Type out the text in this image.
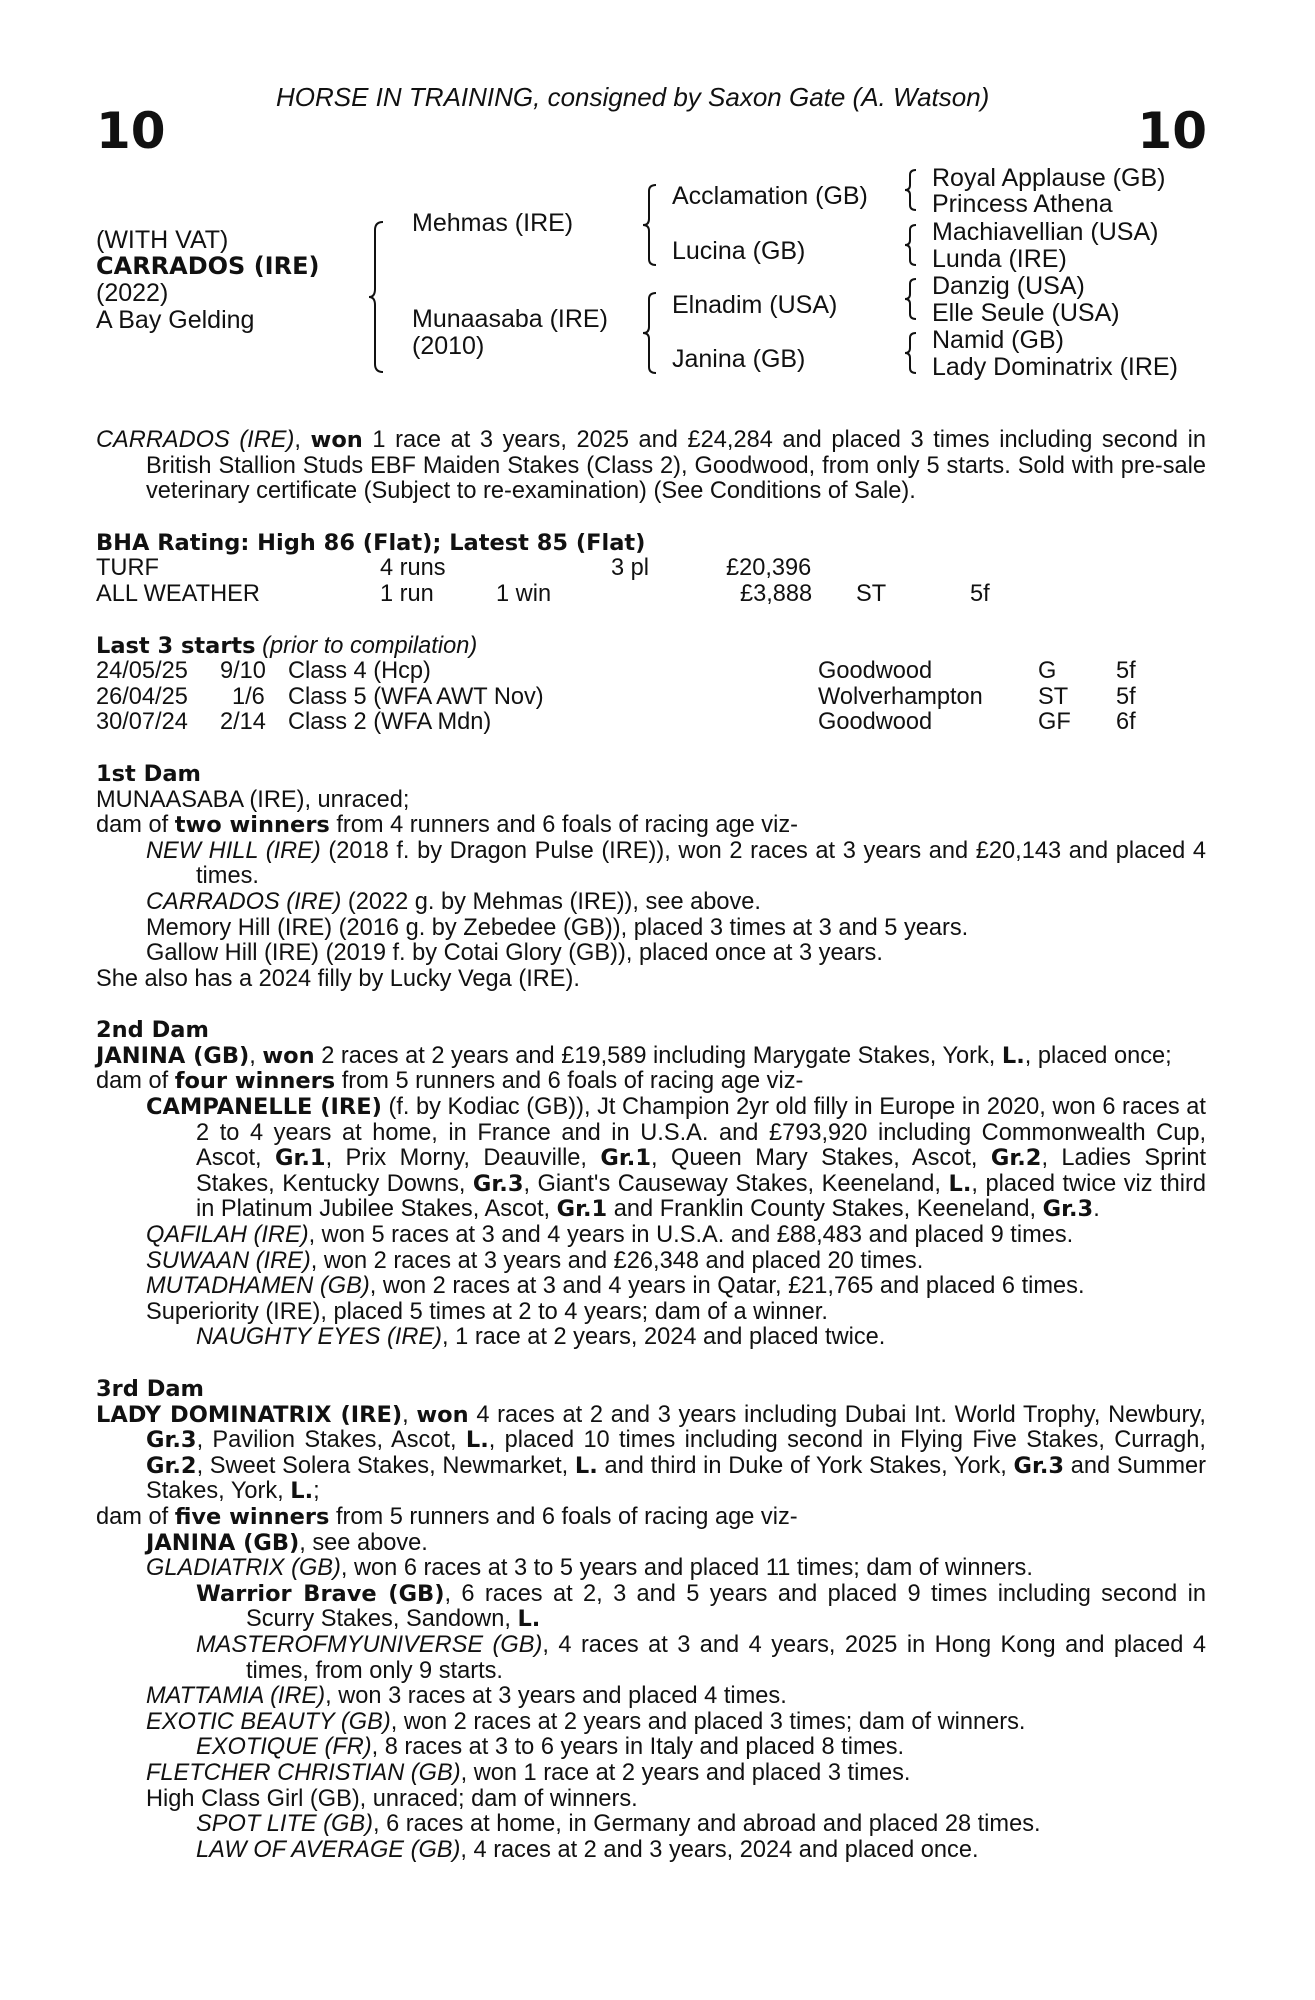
HORSE IN TRAINING, consigned by Saxon Gate (A. Watson)
10	10
(WITH VAT)
CARRADOS (IRE)
(2022)
A Bay Gelding
Mehmas (IRE)
Munaasaba (IRE)
(2010)
Acclamation (GB)
Lucina (GB)
Elnadim (USA)
Janina (GB)
Royal Applause (GB)
Princess Athena
Machiavellian (USA)
Lunda (IRE)
Danzig (USA)
Elle Seule (USA)
Namid (GB)
Lady Dominatrix (IRE)

CARRADOS (IRE), won 1 race at 3 years, 2025 and £24,284 and placed 3 times including second in British Stallion Studs EBF Maiden Stakes (Class 2), Goodwood, from only 5 starts. Sold with pre-sale veterinary certificate (Subject to re-examination) (See Conditions of Sale).

BHA Rating: High 86 (Flat); Latest 85 (Flat)
TURF	4 runs	3 pl	£20,396
ALL WEATHER	1 run	1 win	£3,888 ST	5f
Last 3 starts (prior to compilation)
24/05/25 9/10 Class 4 (Hcp)	Goodwood	G	5f
26/04/25 1/6 Class 5 (WFA AWT Nov)	Wolverhampton ST 5f
30/07/24 2/14 Class 2 (WFA Mdn)	Goodwood	GF 6f
1st Dam

MUNAASABA (IRE), unraced;

dam of two winners from 4 runners and 6 foals of racing age viz-

NEW HILL (IRE) (2018 f. by Dragon Pulse (IRE)), won 2 races at 3 years and £20,143 and placed 4 times.

CARRADOS (IRE) (2022 g. by Mehmas (IRE)), see above.

Memory Hill (IRE) (2016 g. by Zebedee (GB)), placed 3 times at 3 and 5 years.

Gallow Hill (IRE) (2019 f. by Cotai Glory (GB)), placed once at 3 years.

She also has a 2024 filly by Lucky Vega (IRE).

2nd Dam

JANINA (GB), won 2 races at 2 years and £19,589 including Marygate Stakes, York, L., placed once;

dam of four winners from 5 runners and 6 foals of racing age viz-

CAMPANELLE (IRE) (f. by Kodiac (GB)), Jt Champion 2yr old filly in Europe in 2020, won 6 races at 2 to 4 years at home, in France and in U.S.A. and £793,920 including Commonwealth Cup, Ascot, Gr.1, Prix Morny, Deauville, Gr.1, Queen Mary Stakes, Ascot, Gr.2, Ladies Sprint Stakes, Kentucky Downs, Gr.3, Giant's Causeway Stakes, Keeneland, L., placed twice viz third in Platinum Jubilee Stakes, Ascot, Gr.1 and Franklin County Stakes, Keeneland, Gr.3.

QAFILAH (IRE), won 5 races at 3 and 4 years in U.S.A. and £88,483 and placed 9 times.

SUWAAN (IRE), won 2 races at 3 years and £26,348 and placed 20 times.

MUTADHAMEN (GB), won 2 races at 3 and 4 years in Qatar, £21,765 and placed 6 times.

Superiority (IRE), placed 5 times at 2 to 4 years; dam of a winner.

NAUGHTY EYES (IRE), 1 race at 2 years, 2024 and placed twice.

3rd Dam

LADY DOMINATRIX (IRE), won 4 races at 2 and 3 years including Dubai Int. World Trophy, Newbury, Gr.3, Pavilion Stakes, Ascot, L., placed 10 times including second in Flying Five Stakes, Curragh, Gr.2, Sweet Solera Stakes, Newmarket, L. and third in Duke of York Stakes, York, Gr.3 and Summer Stakes, York, L.;

dam of five winners from 5 runners and 6 foals of racing age viz-

JANINA (GB), see above.

GLADIATRIX (GB), won 6 races at 3 to 5 years and placed 11 times; dam of winners.

Warrior Brave (GB), 6 races at 2, 3 and 5 years and placed 9 times including second in Scurry Stakes, Sandown, L.

MASTEROFMYUNIVERSE (GB), 4 races at 3 and 4 years, 2025 in Hong Kong and placed 4 times, from only 9 starts.

MATTAMIA (IRE), won 3 races at 3 years and placed 4 times.

EXOTIC BEAUTY (GB), won 2 races at 2 years and placed 3 times; dam of winners.

EXOTIQUE (FR), 8 races at 3 to 6 years in Italy and placed 8 times.

FLETCHER CHRISTIAN (GB), won 1 race at 2 years and placed 3 times.

High Class Girl (GB), unraced; dam of winners.

SPOT LITE (GB), 6 races at home, in Germany and abroad and placed 28 times.

LAW OF AVERAGE (GB), 4 races at 2 and 3 years, 2024 and placed once.
